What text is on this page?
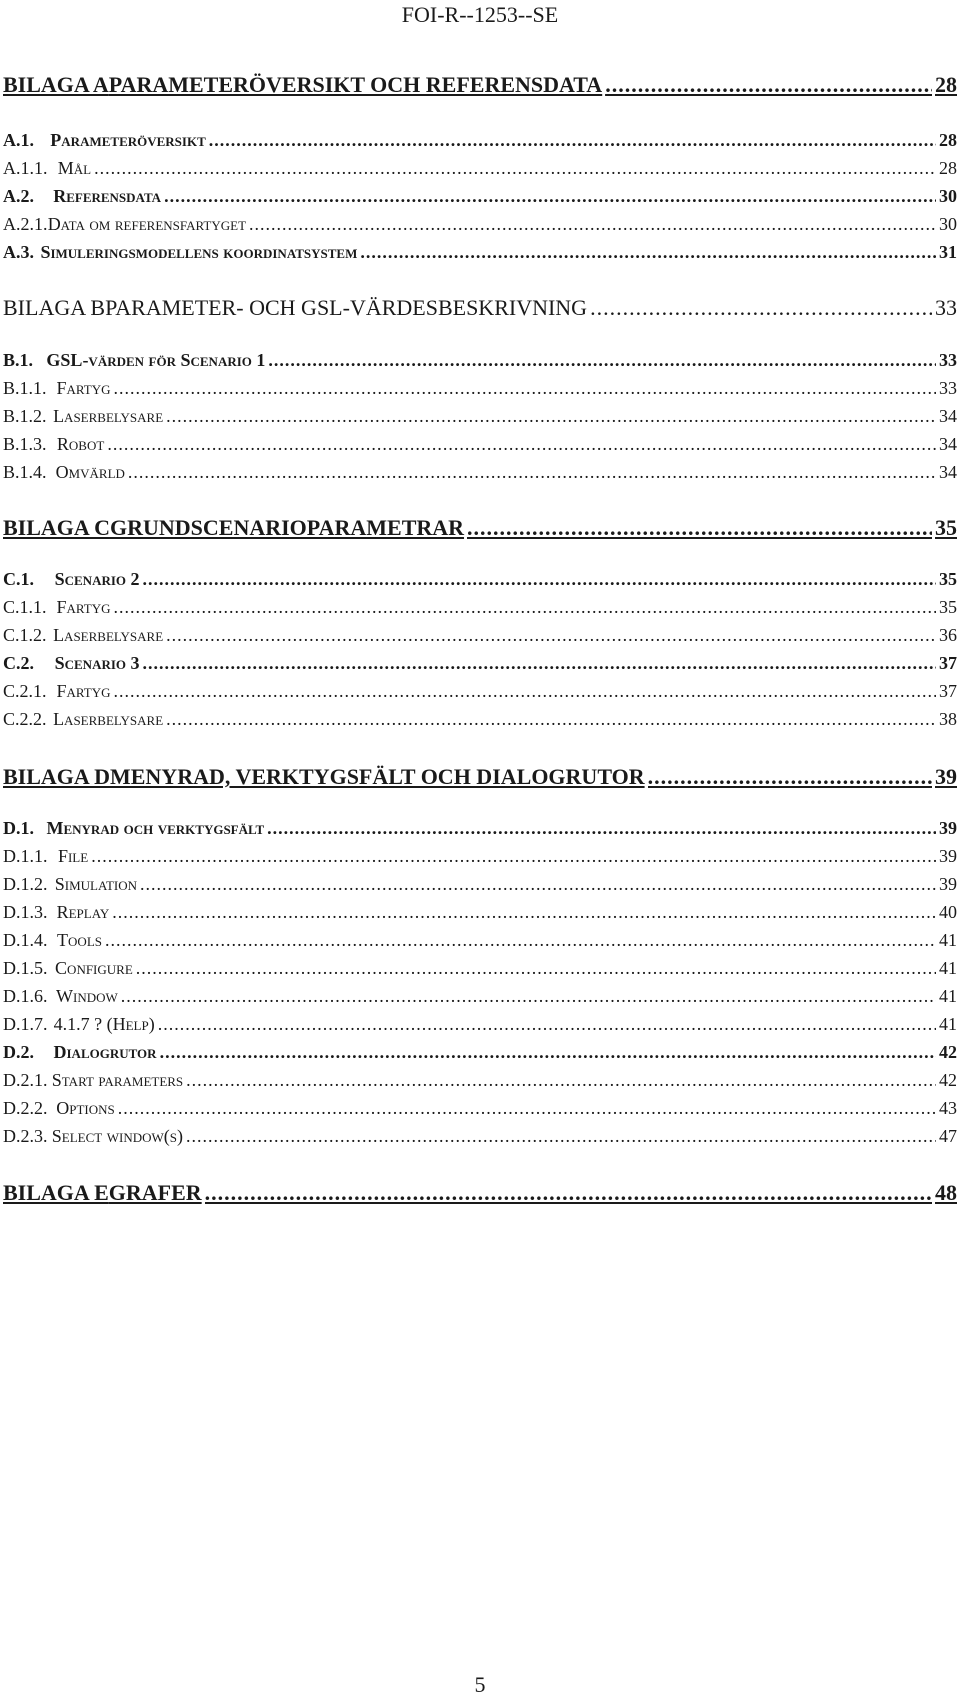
FOI-R--1253--SE
BILAGA A PARAMETERÖVERSIKT OCH REFERENSDATA .....	28
A.1. Parameteröversikt .....	28
A.1.1. Mål .....	28
A.2.	Referensdata .....	30
A.2.1. Data om referensfartyget .....	30
A.3. Simuleringsmodellens koordinatsystem .....	31
BILAGA B PARAMETER- OCH GSL-VÄRDESBESKRIVNING .....	33
B.1. GSL-värden för Scenario 1 .....	33
B.1.1. Fartyg .....	33
B.1.2. Laserbelysare .....	34
B.1.3. Robot .....	34
B.1.4. Omvärld .....	34
BILAGA C GRUNDSCENARIOPARAMETRAR .....	35
C.1.	Scenario 2 .....	35
C.1.1. Fartyg .....	35
C.1.2. Laserbelysare .....	36
C.2.	Scenario 3 .....	37
C.2.1. Fartyg .....	37
C.2.2. Laserbelysare .....	38
BILAGA D MENYRAD, VERKTYGSFÄLT OCH DIALOGRUTOR .....	39
D.1. Menyrad och verktygsfält .....	39
D.1.1. File .....	39
D.1.2. Simulation .....	39
D.1.3. Replay .....	40
D.1.4. Tools .....	41
D.1.5. Configure .....	41
D.1.6. Window .....	41
D.1.7. 4.1.7 ? (Help) .....	41
D.2.	Dialogrutor .....	42
D.2.1. Start parameters .....	42
D.2.2. Options .....	43
D.2.3. Select window(s) .....	47
BILAGA E GRAFER .....	48
5
